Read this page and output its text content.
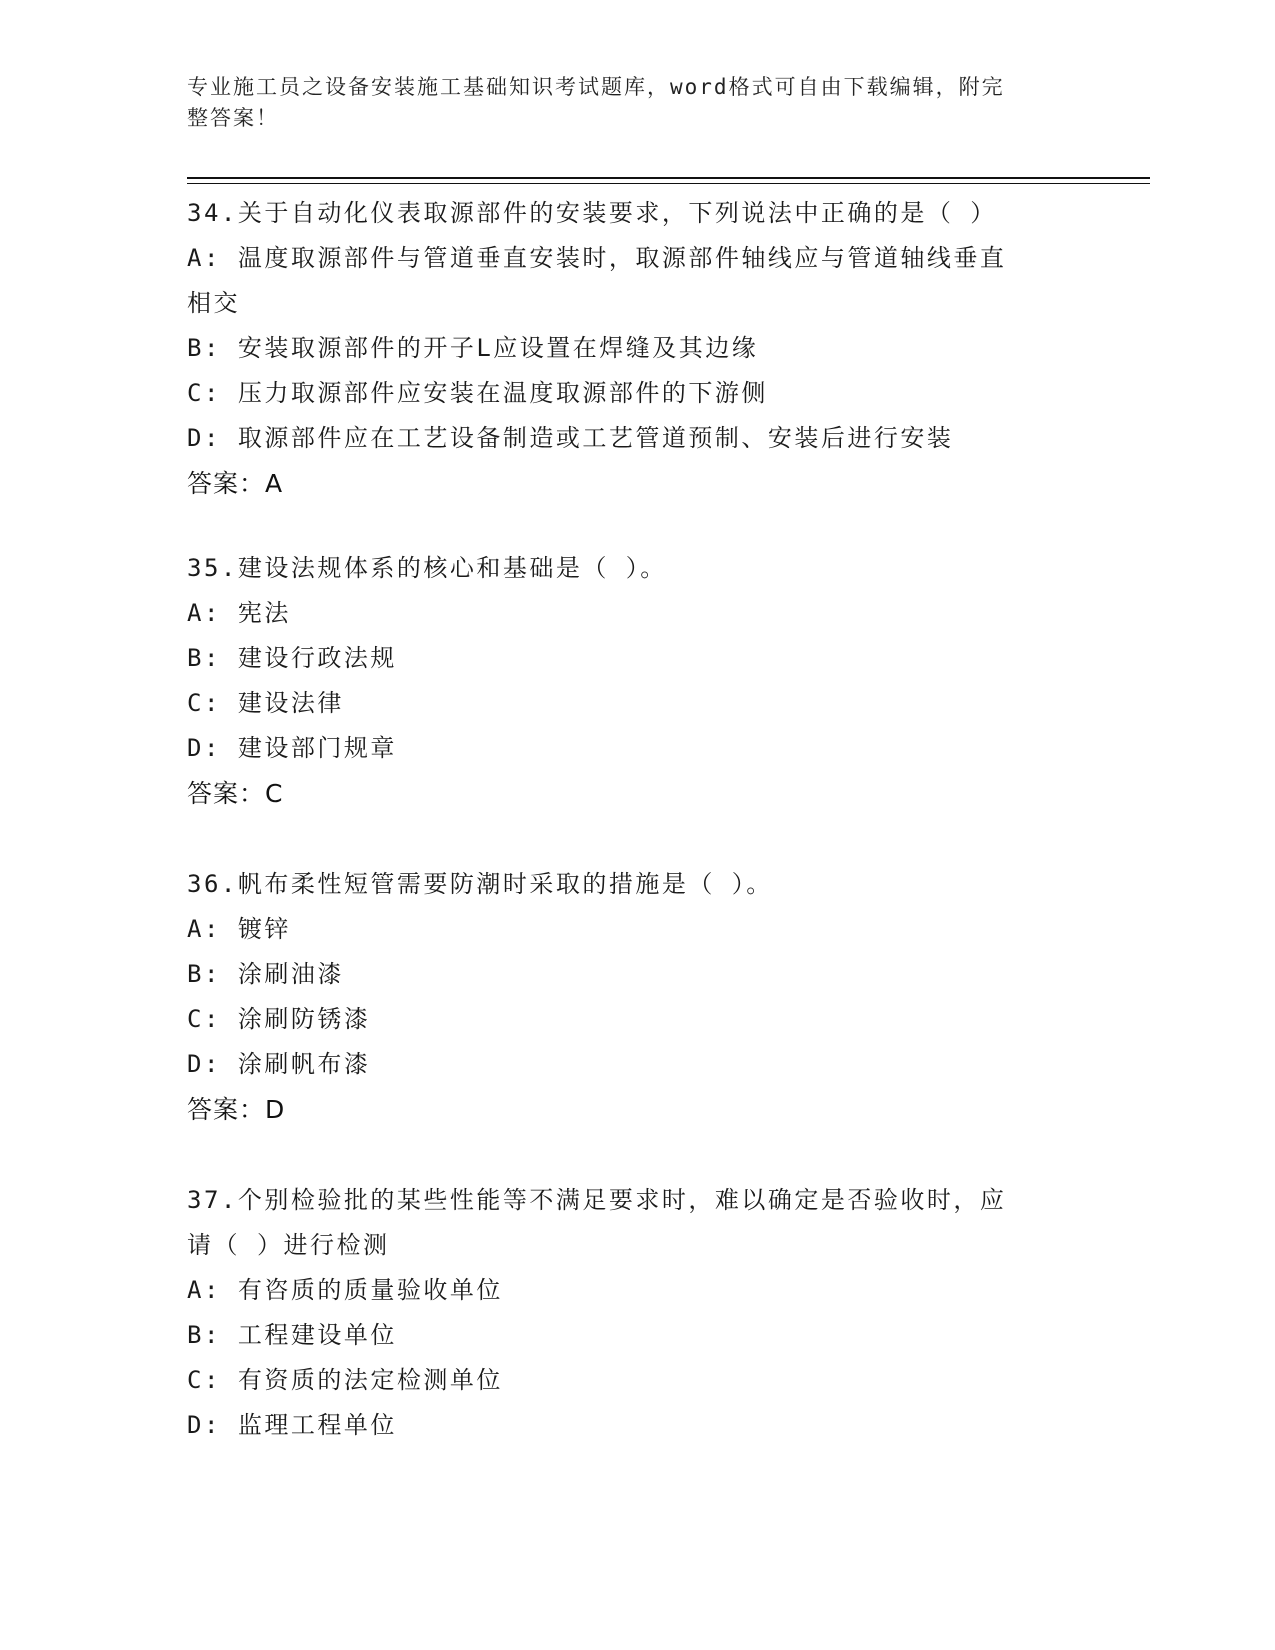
专业施工员之设备安装施工基础知识考试题库，word格式可自由下载编辑，附完
整答案！
34.关于自动化仪表取源部件的安装要求，下列说法中正确的是（ ）
A: 温度取源部件与管道垂直安装时，取源部件轴线应与管道轴线垂直
相交
B: 安装取源部件的开子L应设置在焊缝及其边缘
C: 压力取源部件应安装在温度取源部件的下游侧
D: 取源部件应在工艺设备制造或工艺管道预制、安装后进行安装
答案：A
35.建设法规体系的核心和基础是（ ）。
A: 宪法
B: 建设行政法规
C: 建设法律
D: 建设部门规章
答案：C
36.帆布柔性短管需要防潮时采取的措施是（ ）。
A: 镀锌
B: 涂刷油漆
C: 涂刷防锈漆
D: 涂刷帆布漆
答案：D
37.个别检验批的某些性能等不满足要求时，难以确定是否验收时，应
请（ ）进行检测
A: 有咨质的质量验收单位
B: 工程建设单位
C: 有资质的法定检测单位
D: 监理工程单位
